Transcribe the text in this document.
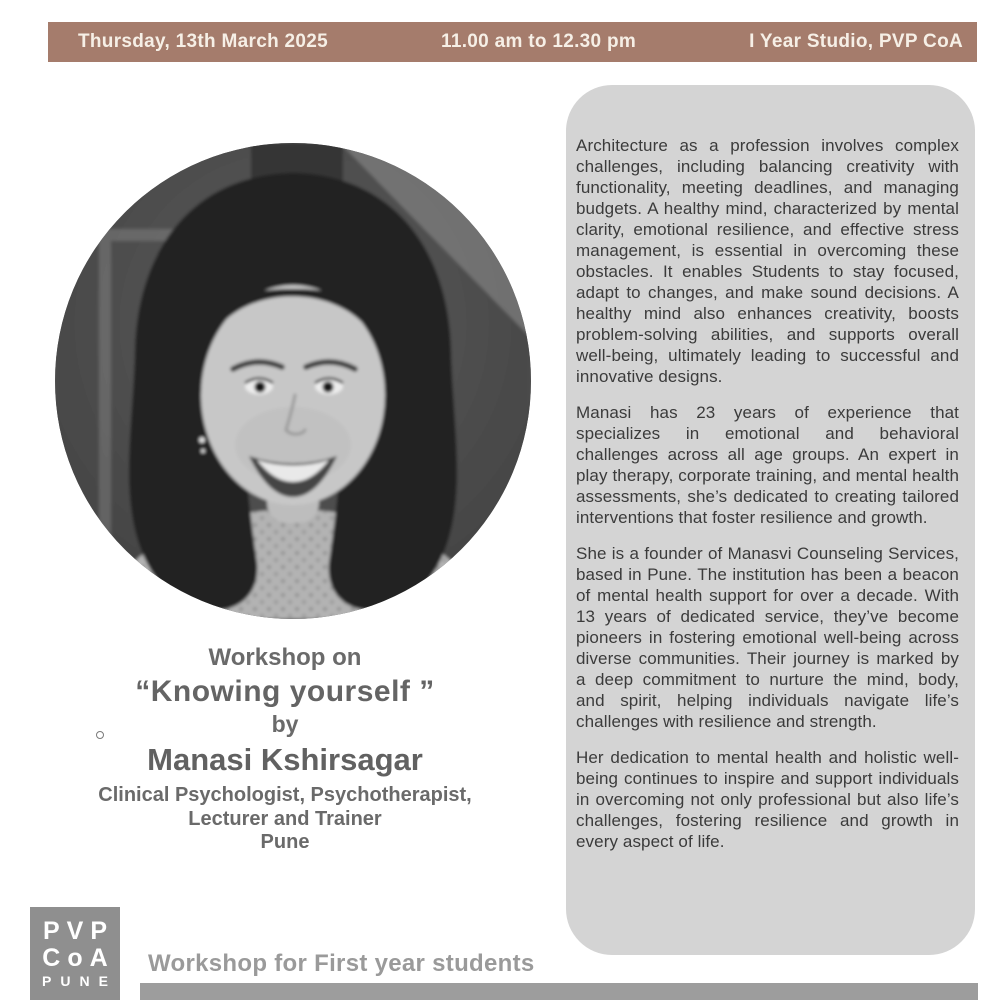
Thursday, 13th March 2025	11.00 am to 12.30 pm	I Year Studio, PVP CoA

Workshop on

“Knowing yourself ”

by

Manasi Kshirsagar

Clinical Psychologist, Psychotherapist,

Lecturer and Trainer

Pune

Architecture as a profession involves complex challenges, including balancing creativity with functionality, meeting deadlines, and managing budgets. A healthy mind, characterized by mental clarity, emotional resilience, and effective stress management, is essential in overcoming these obstacles. It enables Students to stay focused, adapt to changes, and make sound decisions. A healthy mind also enhances creativity, boosts problem-solving abilities, and supports overall well-being, ultimately leading to successful and innovative designs.

Manasi has 23 years of experience that specializes in emotional and behavioral challenges across all age groups. An expert in play therapy, corporate training, and mental health assessments, she’s dedicated to creating tailored interventions that foster resilience and growth.

She is a founder of Manasvi Counseling Services, based in Pune. The institution has been a beacon of mental health support for over a decade. With 13 years of dedicated service, they’ve become pioneers in fostering emotional well-being across diverse communities. Their journey is marked by a deep commitment to nurture the mind, body, and spirit, helping individuals navigate life’s challenges with resilience and strength.

Her dedication to mental health and holistic well-being continues to inspire and support individuals in overcoming not only professional but also life’s challenges, fostering resilience and growth in every aspect of life.

PVP
CoA
PUNE
Workshop for First year students
